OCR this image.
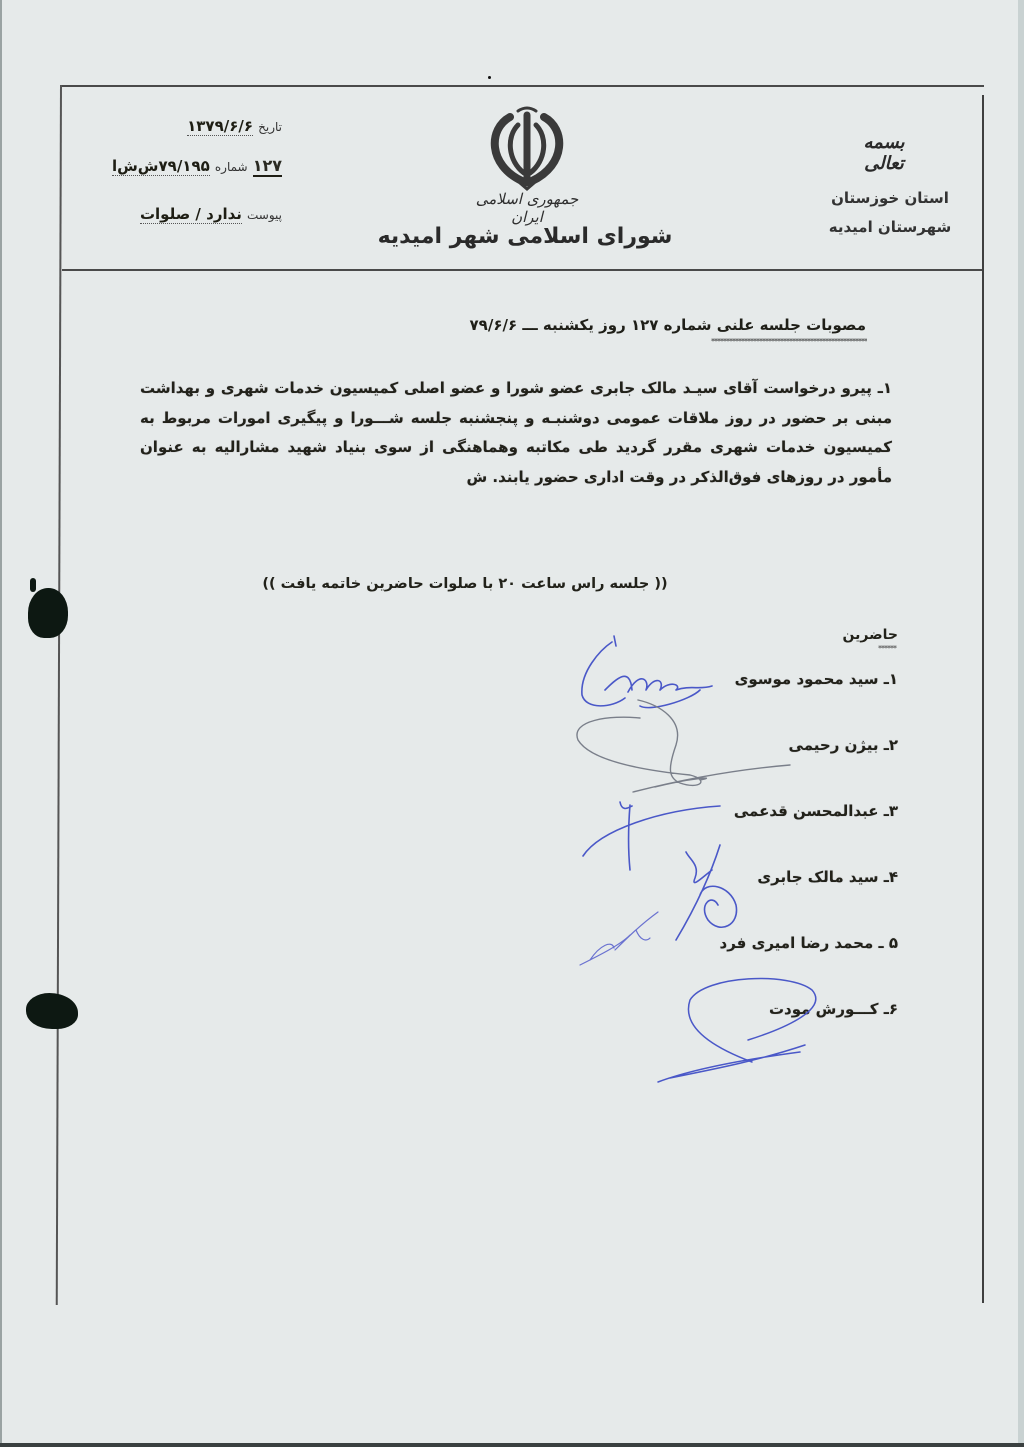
تاریخ ۱۳۷۹/۶/۶
۱۲۷ شماره ۷۹/۱۹۵ش‌ش‌ا
پیوست ندارد / صلوات
جمهوری اسلامی ایران
شورای اسلامی شهر امیدیه
بسمه تعالی
استان خوزستان
شهرستان امیدیه
مصوبات جلسه علنی شماره ۱۲۷ روز یکشنبه ـــ ۷۹/۶/۶
****************************************************
۱ـ پیرو درخواست آقای سیـد مالک جابری عضو شورا و عضو اصلی کمیسیون خدمات شهری و بهداشت مبنی بر حضور در روز ملاقات عمومی دوشنبـه و پنجشنبه جلسه شـــورا و پیگیری امورات مربوط به کمیسیون خدمات شهری مقرر گردید طی مکاتبه وهماهنگی از سوی بنیاد شهید مشارالیه به عنوان مأمور در روزهای فوق‌الذکر در وقت اداری حضور یابند. ش
(( جلسه راس ساعت ۲۰ با صلوات حاضرین خاتمه یافت ))
حاضرین
******
۱ـ سید محمود موسوی
۲ـ بیژن رحیمی
۳ـ عبدالمحسن قدعمی
۴ـ سید مالک جابری
۵ ـ محمد رضا امیری فرد
۶ـ کـــورش مودت
